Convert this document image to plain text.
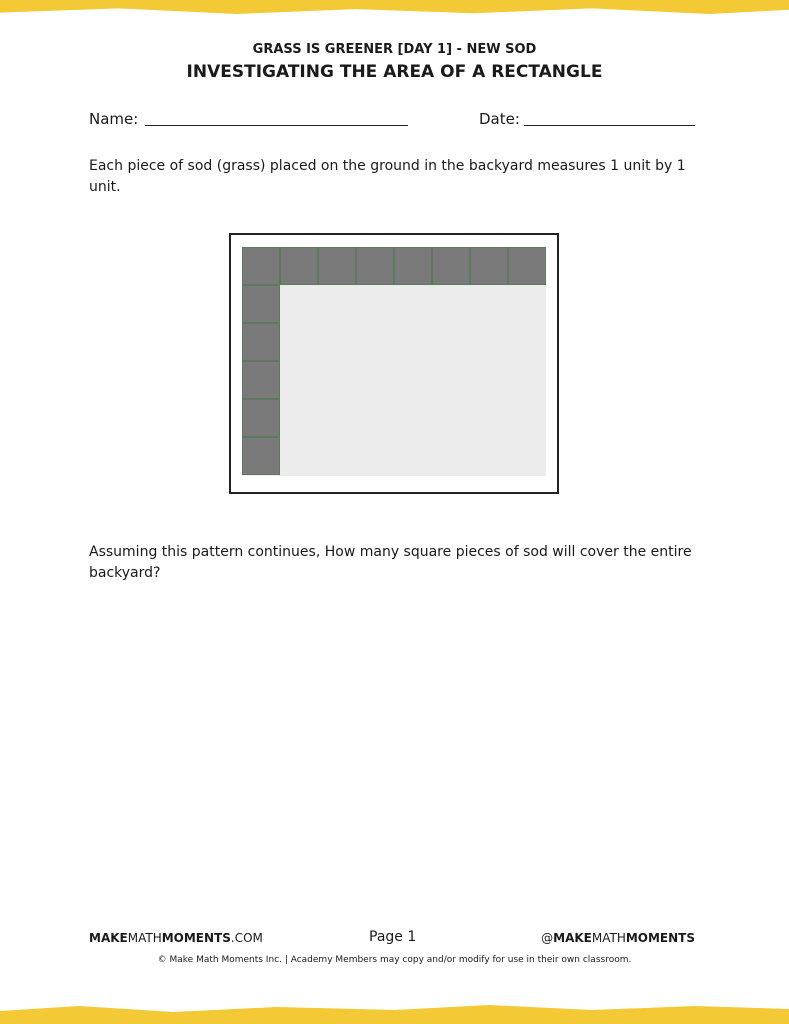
GRASS IS GREENER [DAY 1] - NEW SOD
INVESTIGATING THE AREA OF A RECTANGLE
Name:	Date:
Each piece of sod (grass) placed on the ground in the backyard measures 1 unit by 1 unit.
Assuming this pattern continues, How many square pieces of sod will cover the entire backyard?
MAKEMATHMOMENTS.COM	Page 1	@MAKEMATHMOMENTS
© Make Math Moments Inc. | Academy Members may copy and/or modify for use in their own classroom.
